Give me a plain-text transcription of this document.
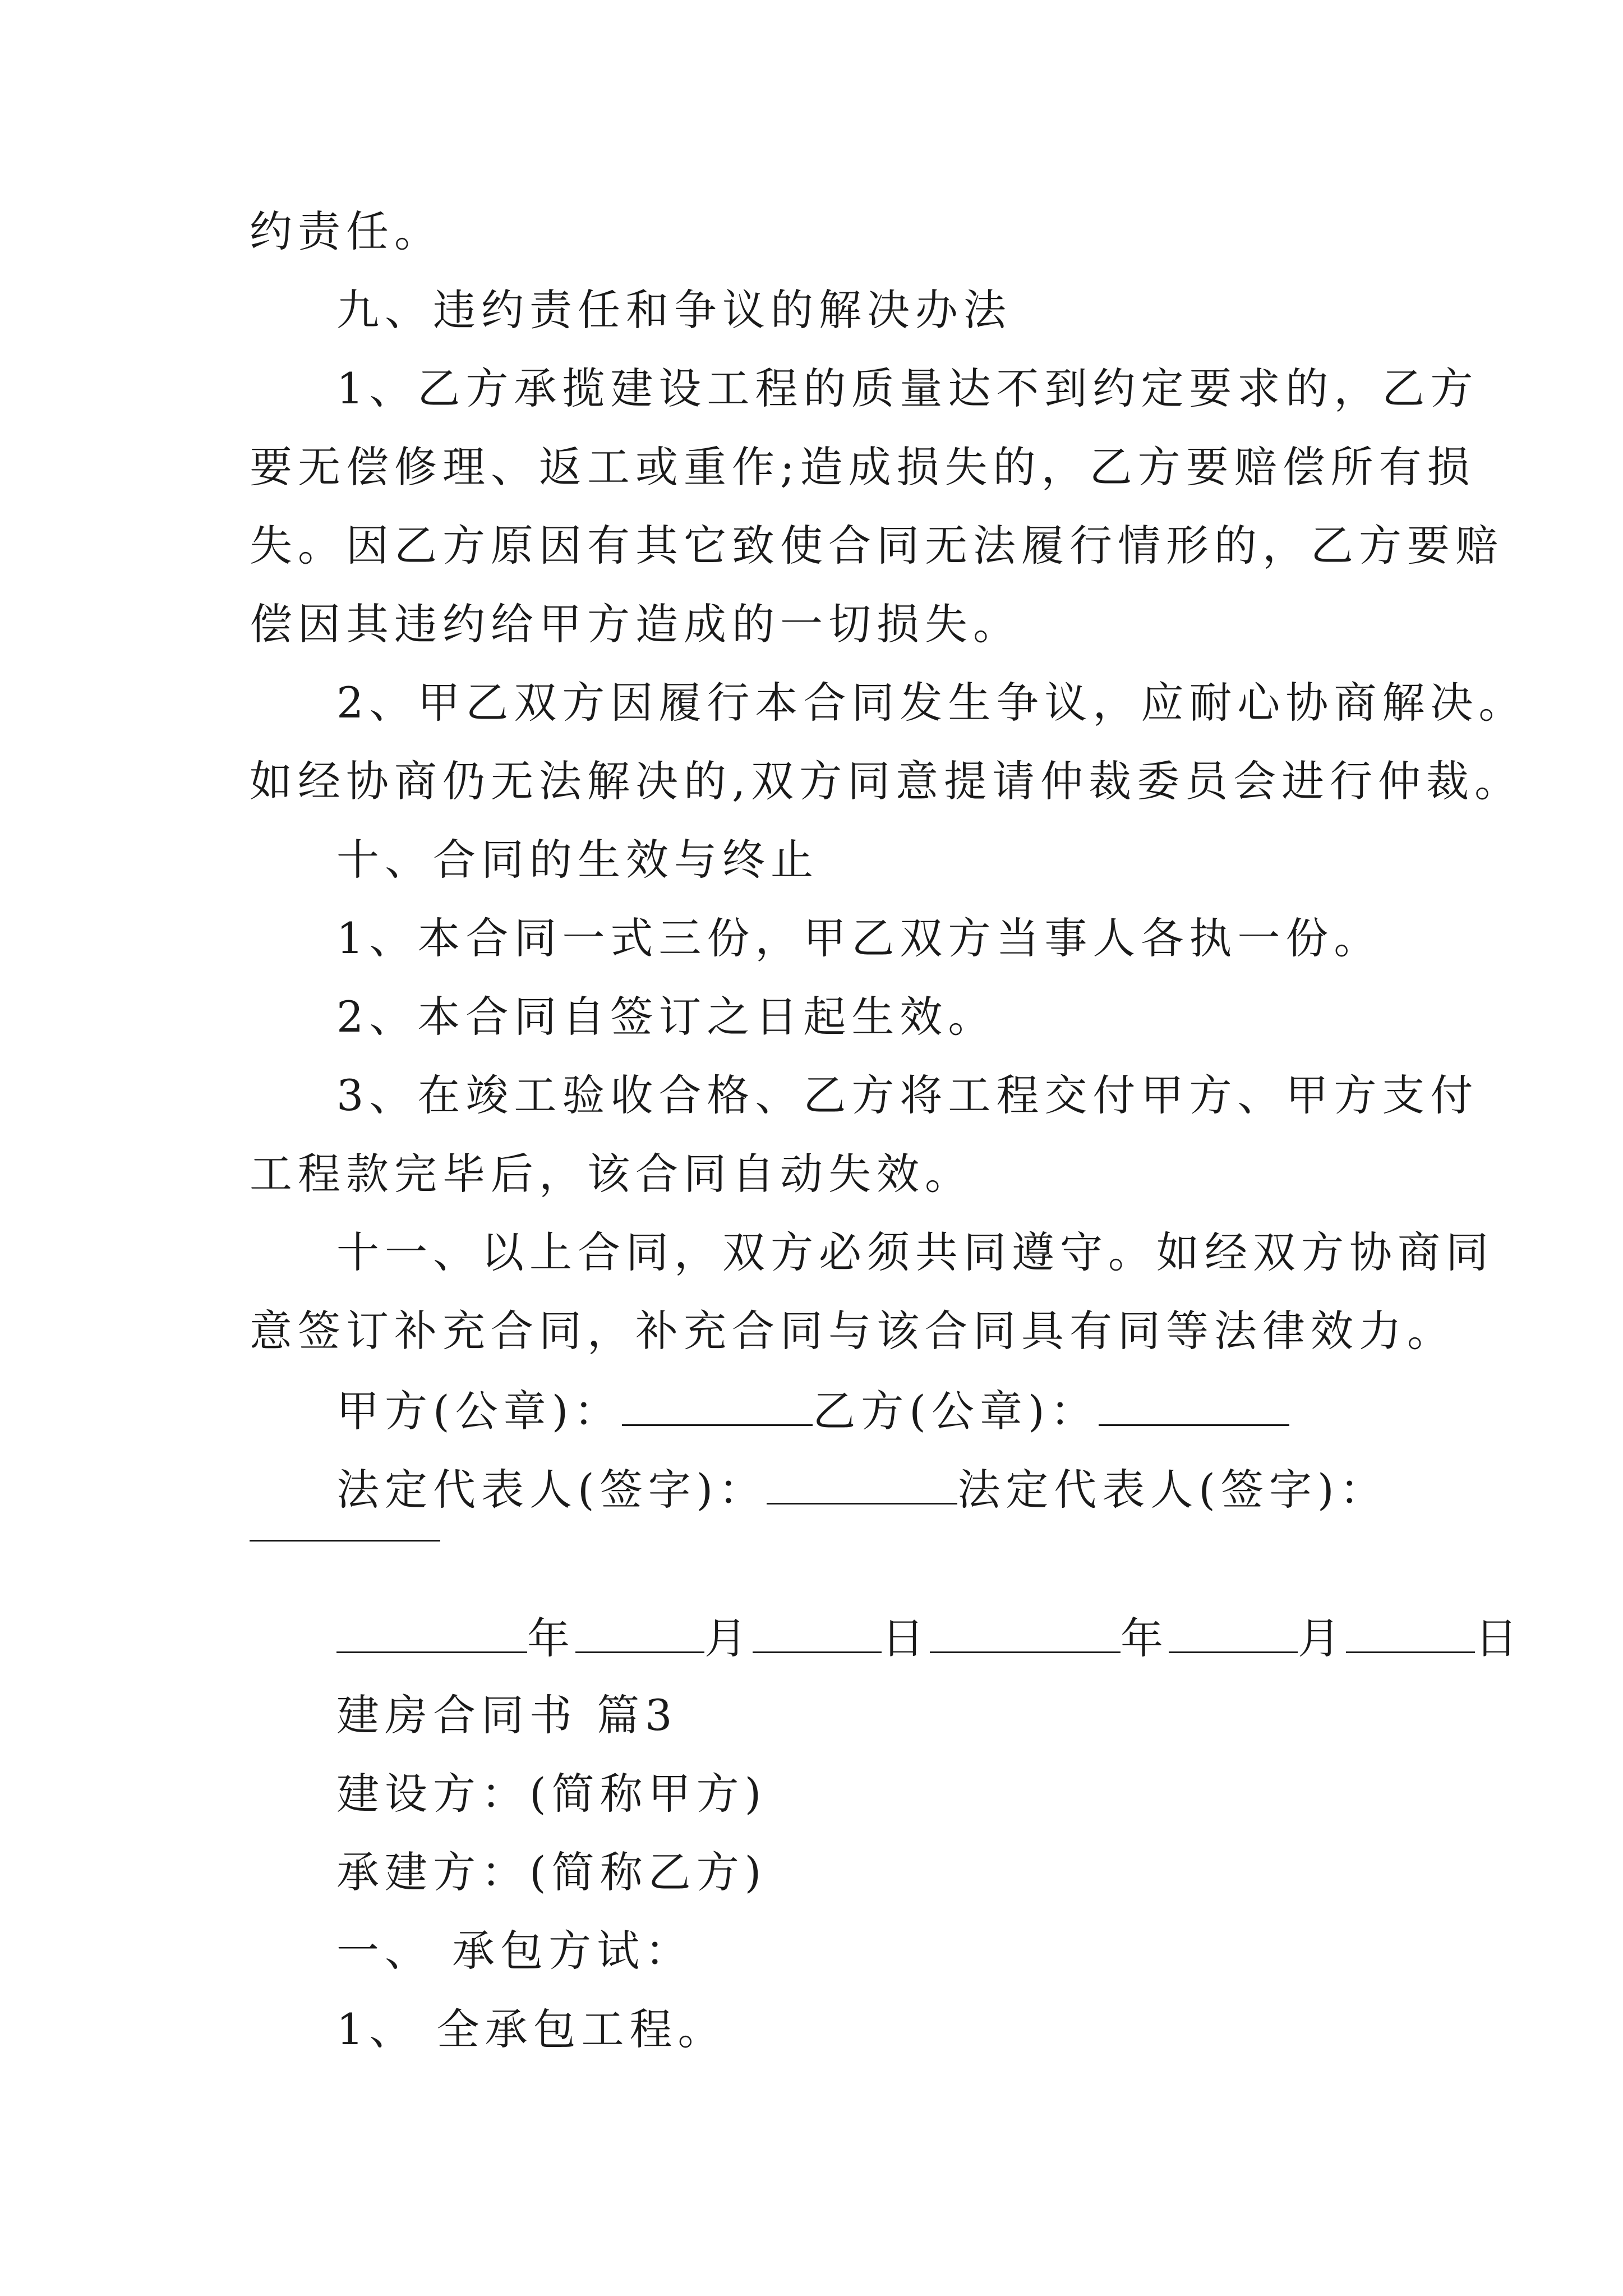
约责任。
九、违约责任和争议的解决办法
1、乙方承揽建设工程的质量达不到约定要求的，乙方
要无偿修理、返工或重作;造成损失的，乙方要赔偿所有损
失。因乙方原因有其它致使合同无法履行情形的，乙方要赔
偿因其违约给甲方造成的一切损失。
2、甲乙双方因履行本合同发生争议，应耐心协商解决。
如经协商仍无法解决的,双方同意提请仲裁委员会进行仲裁。
十、合同的生效与终止
1、本合同一式三份，甲乙双方当事人各执一份。
2、本合同自签订之日起生效。
3、在竣工验收合格、乙方将工程交付甲方、甲方支付
工程款完毕后，该合同自动失效。
十一、以上合同，双方必须共同遵守。如经双方协商同
意签订补充合同，补充合同与该合同具有同等法律效力。
甲方(公章)：	乙方(公章)：
法定代表人(签字)：	法定代表人(签字)：
年	月	日	年	月	日
建房合同书 篇3
建设方：(简称甲方)
承建方：(简称乙方)
一、 承包方试：
1、 全承包工程。
